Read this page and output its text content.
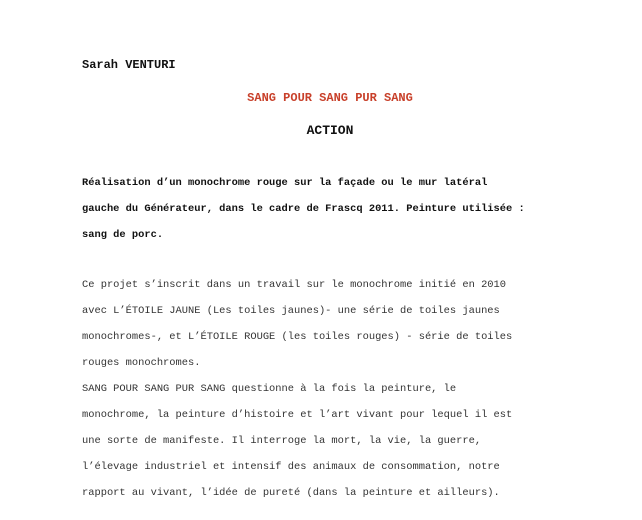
Sarah VENTURI
SANG POUR SANG PUR SANG
ACTION
Réalisation d’un monochrome rouge sur la façade ou le mur latéral
gauche du Générateur, dans le cadre de Frascq 2011. Peinture utilisée :
sang de porc.
Ce projet s’inscrit dans un travail sur le monochrome initié en 2010
avec L’ÉTOILE JAUNE (Les toiles jaunes)- une série de toiles jaunes
monochromes-, et L’ÉTOILE ROUGE (les toiles rouges) - série de toiles
rouges monochromes.
SANG POUR SANG PUR SANG questionne à la fois la peinture, le
monochrome, la peinture d’histoire et l’art vivant pour lequel il est
une sorte de manifeste. Il interroge la mort, la vie, la guerre,
l’élevage industriel et intensif des animaux de consommation, notre
rapport au vivant, l’idée de pureté (dans la peinture et ailleurs).
